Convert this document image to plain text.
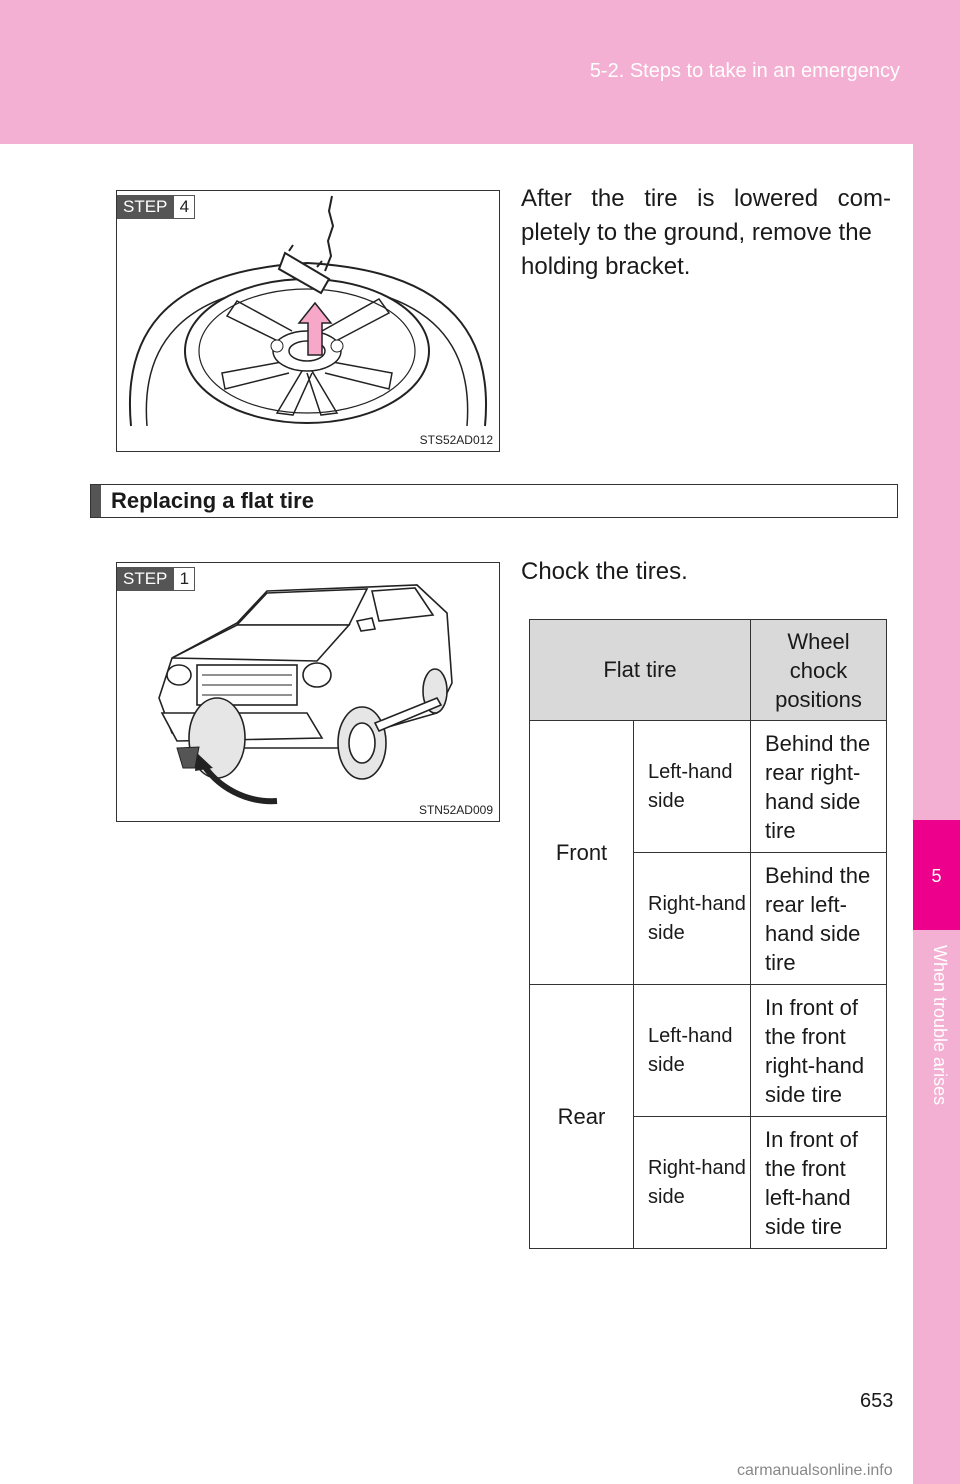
5-2. Steps to take in an emergency
5
When trouble arises
STEP 4
STS52AD012
After the tire is lowered com-
pletely to the ground, remove the
holding bracket.
Replacing a flat tire
STEP 1
STN52AD009
Chock the tires.
Flat tire		Wheel chock positions
Front	Left-hand side	Behind the rear right-hand side tire
	Right-hand side	Behind the rear left-hand side tire
Rear	Left-hand side	In front of the front right-hand side tire
	Right-hand side	In front of the front left-hand side tire
653
carmanualsonline.info
